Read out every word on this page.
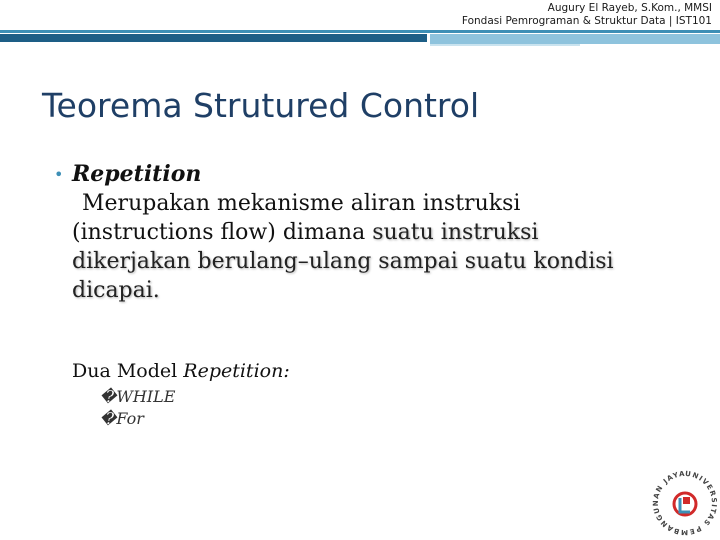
Augury El Rayeb, S.Kom., MMSI
Fondasi Pemrograman & Struktur Data | IST101
Teorema Strutured Control
• Repetition
Merupakan mekanisme aliran instruksi
(instructions flow) dimana suatu instruksi
dikerjakan berulang–ulang sampai suatu kondisi
dicapai.
Dua Model Repetition:
�WHILE
�For
UNIVERSITAS PEMBANGUNAN JAYA
